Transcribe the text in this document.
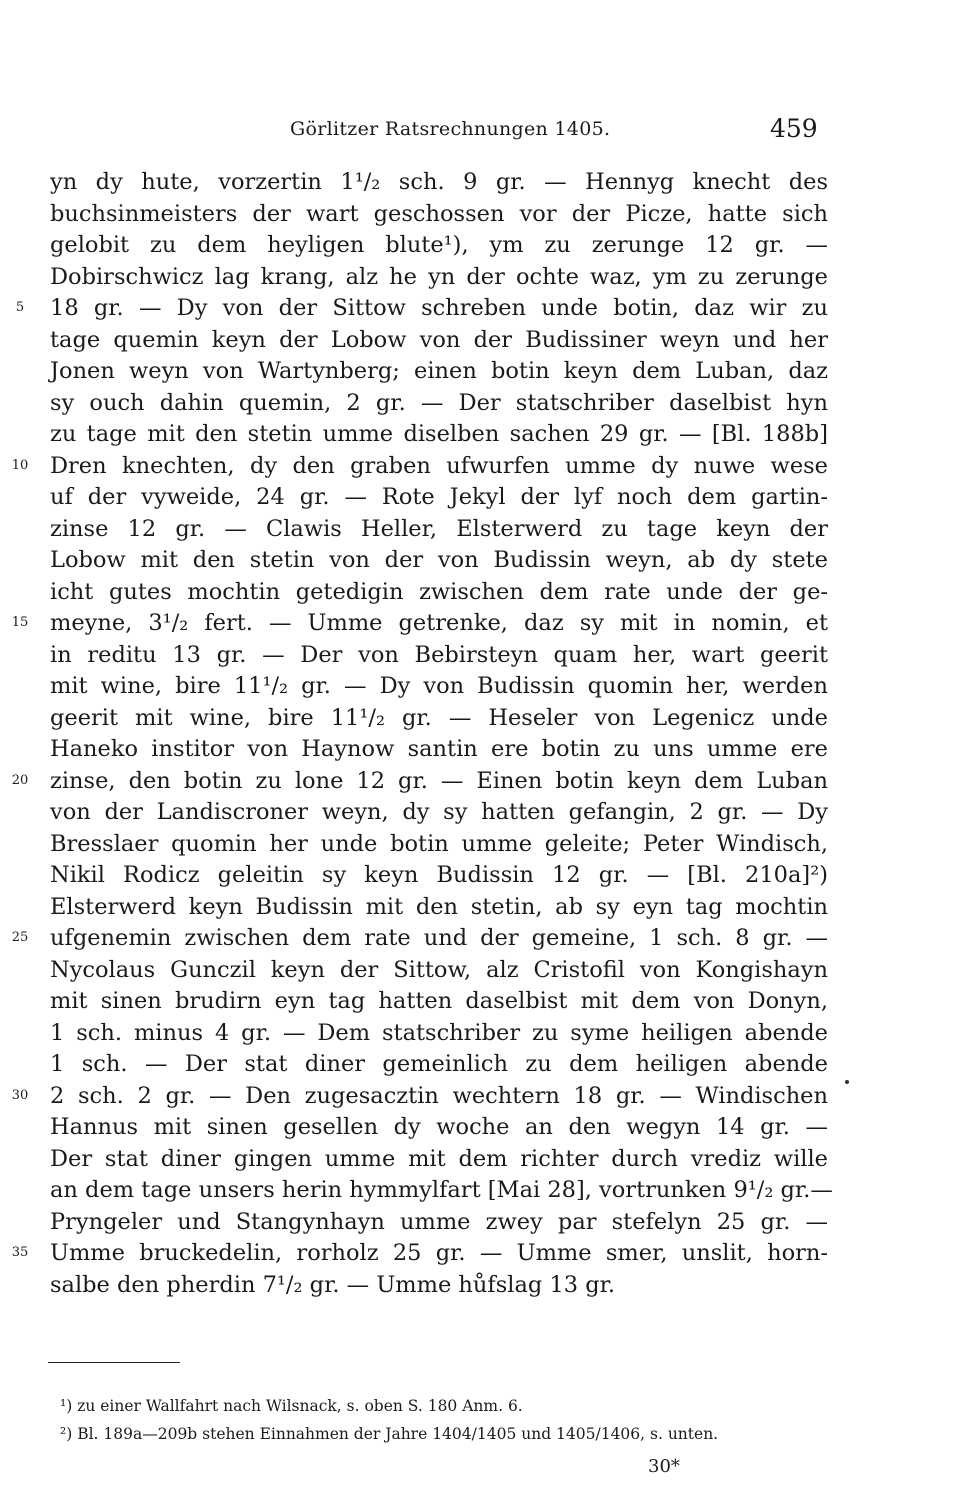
Görlitzer Ratsrechnungen 1405.	459
yn dy hute, vorzertin 1¹/₂ sch. 9 gr. — Hennyg knecht des
buchsinmeisters der wart geschossen vor der Picze, hatte sich
gelobit zu dem heyligen blute¹), ym zu zerunge 12 gr. —
Dobirschwicz lag krang, alz he yn der ochte waz, ym zu zerunge
5	18 gr. — Dy von der Sittow schreben unde botin, daz wir zu
tage quemin keyn der Lobow von der Budissiner weyn und her
Jonen weyn von Wartynberg; einen botin keyn dem Luban, daz
sy ouch dahin quemin, 2 gr. — Der statschriber daselbist hyn
zu tage mit den stetin umme diselben sachen 29 gr. — [Bl. 188b]
10 Dren knechten, dy den graben ufwurfen umme dy nuwe wese
uf der vyweide, 24 gr. — Rote Jekyl der lyf noch dem gartin-
zinse 12 gr. — Clawis Heller, Elsterwerd zu tage keyn der
Lobow mit den stetin von der von Budissin weyn, ab dy stete
icht gutes mochtin getedigin zwischen dem rate unde der ge-
15 meyne, 3¹/₂ fert. — Umme getrenke, daz sy mit in nomin, et
in reditu 13 gr. — Der von Bebirsteyn quam her, wart geerit
mit wine, bire 11¹/₂ gr. — Dy von Budissin quomin her, werden
geerit mit wine, bire 11¹/₂ gr. — Heseler von Legenicz unde
Haneko institor von Haynow santin ere botin zu uns umme ere
20 zinse, den botin zu lone 12 gr. — Einen botin keyn dem Luban
von der Landiscroner weyn, dy sy hatten gefangin, 2 gr. — Dy
Bresslaer quomin her unde botin umme geleite; Peter Windisch,
Nikil Rodicz geleitin sy keyn Budissin 12 gr. — [Bl. 210a]²)
Elsterwerd keyn Budissin mit den stetin, ab sy eyn tag mochtin
25 ufgenemin zwischen dem rate und der gemeine, 1 sch. 8 gr. —
Nycolaus Gunczil keyn der Sittow, alz Cristofil von Kongishayn
mit sinen brudirn eyn tag hatten daselbist mit dem von Donyn,
1 sch. minus 4 gr. — Dem statschriber zu syme heiligen abende
1 sch. — Der stat diner gemeinlich zu dem heiligen abende
30 2 sch. 2 gr. — Den zugesacztin wechtern 18 gr. — Windischen
Hannus mit sinen gesellen dy woche an den wegyn 14 gr. —
Der stat diner gingen umme mit dem richter durch vrediz wille
an dem tage unsers herin hymmylfart [Mai 28], vortrunken 9¹/₂ gr.—
Pryngeler und Stangynhayn umme zwey par stefelyn 25 gr. —
35 Umme bruckedelin, rorholz 25 gr. — Umme smer, unslit, horn-
salbe den pherdin 7¹/₂ gr. — Umme hůfslag 13 gr.
¹) zu einer Wallfahrt nach Wilsnack, s. oben S. 180 Anm. 6.
²) Bl. 189a—209b stehen Einnahmen der Jahre 1404/1405 und 1405/1406, s. unten.
30*
